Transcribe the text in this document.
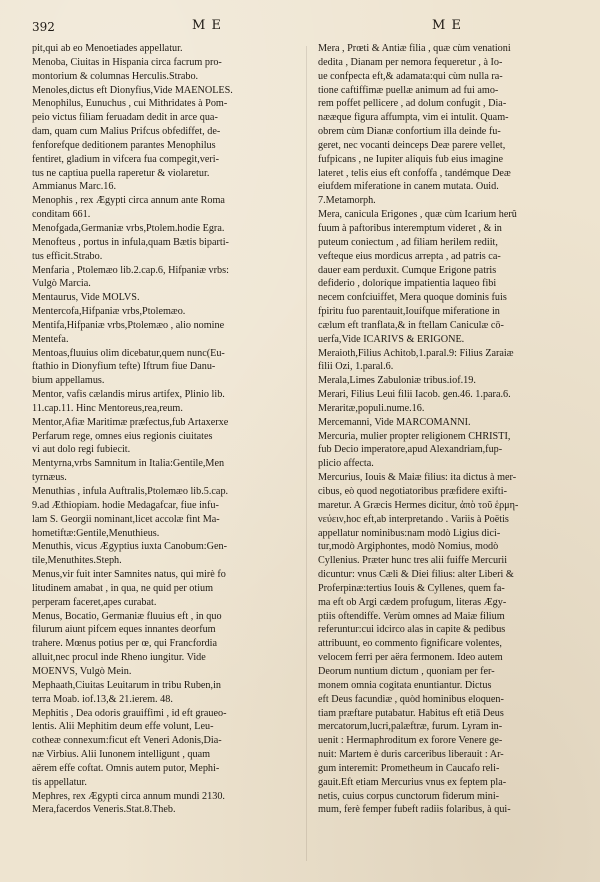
392	M E	M E
pit,qui ab eo Menoetiades appellatur.
Menoba, Ciuitas in Hispania circa facrum pro-
montorium & columnas Herculis.Strabo.
Menoles,dictus eft Dionyfius,Vide MAENOLES.
Menophilus, Eunuchus , cui Mithridates à Pom-
peio victus filiam feruadam dedit in arce qua-
dam, quam cum Malius Prifcus obfediffet, de-
fenforefque deditionem parantes Menophilus
fentiret, gladium in vifcera fua compegit,veri-
tus ne captiua puella raperetur & violaretur.
Ammianus Marc.16.
Menophis , rex Ægypti circa annum ante Roma
conditam 661.
Menofgada,Germaniæ vrbs,Ptolem.hodie Egra.
Menofteus , portus in infula,quam Bætis biparti-
tus efficit.Strabo.
Menfaria , Ptolemæo lib.2.cap.6, Hifpaniæ vrbs:
Vulgò Marcia.
Mentaurus, Vide MOLVS.
Mentercofa,Hifpaniæ vrbs,Ptolemæo.
Mentifa,Hifpaniæ vrbs,Ptolemæo , alio nomine
Mentefa.
Mentoas,fluuius olim dicebatur,quem nunc(Eu-
ftathio in Dionyfium tefte) Iftrum fiue Danu-
bium appellamus.
Mentor, vafis cælandis mirus artifex, Plinio lib.
11.cap.11. Hinc Mentoreus,rea,reum.
Mentor,Afiæ Maritimæ præfectus,fub Artaxerxe
Perfarum rege, omnes eius regionis ciuitates
vi aut dolo regi fubiecit.
Mentyrna,vrbs Samnitum in Italia:Gentile,Men
tyrnæus.
Menuthias , infula Auftralis,Ptolemæo lib.5.cap.
9.ad Æthiopiam. hodie Medagafcar, fiue infu-
lam S. Georgii nominant,licet accolæ fint Ma-
hometiftæ:Gentile,Menuthieus.
Menuthis, vicus Ægyptius iuxta Canobum:Gen-
tile,Menuthites.Steph.
Menus,vir fuit inter Samnites natus, qui mirè fo
litudinem amabat , in qua, ne quid per otium
perperam faceret,apes curabat.
Menus, Bocatio, Germaniæ fluuius eft , in quo
filurum aiunt pifcem eques innantes deorfum
trahere. Mœnus potius per œ, qui Francfordia
alluit,nec procul inde Rheno iungitur. Vide
MOENVS, Vulgò Mein.
Mephaath,Ciuitas Leuitarum in tribu Ruben,in
terra Moab. iof.13,& 21.ierem. 48.
Mephitis , Dea odoris grauiffimi , id eft graueo-
lentis. Alii Mephitim deum effe volunt, Leu-
cotheæ connexum:ficut eft Veneri Adonis,Dia-
næ Virbius. Alii Iunonem intelligunt , quam
aërem effe coftat. Omnis autem putor, Mephi-
tis appellatur.
Mephres, rex Ægypti circa annum mundi 2130.
Mera,facerdos Veneris.Stat.8.Theb.
Mera , Prœti & Antiæ filia , quæ cùm venationi
dedita , Dianam per nemora fequeretur , à Io-
ue confpecta eft,& adamata:qui cùm nulla ra-
tione caftiffimæ puellæ animum ad fui amo-
rem poffet pellicere , ad dolum confugit , Dia-
nææque figura affumpta, vim ei intulit. Quam-
obrem cùm Dianæ confortium illa deinde fu-
geret, nec vocanti deinceps Deæ parere vellet,
fufpicans , ne Iupiter aliquis fub eius imagine
lateret , telis eius eft confoffa , tandémque Deæ
eiufdem miferatione in canem mutata. Ouid.
7.Metamorph.
Mera, canicula Erigones , quæ cùm Icarium herû
fuum à paftoribus interemptum videret , & in
puteum coniectum , ad filiam herilem rediit,
vefteque eius mordicus arrepta , ad patris ca-
dauer eam perduxit. Cumque Erigone patris
defiderio , doloríque impatientia laqueo fibi
necem confciuiffet, Mera quoque dominis fuis
fpiritu fuo parentauit,Iouífque miferatione in
cælum eft tranflata,& in ftellam Caniculæ cō-
uerfa,Vide ICARIVS & ERIGONE.
Meraioth,Filius Achitob,1.paral.9: Filius Zaraiæ
filii Ozi, 1.paral.6.
Merala,Limes Zabuloniæ tribus.iof.19.
Merari, Filius Leui filii Iacob. gen.46. 1.para.6.
Meraritæ,populi.nume.16.
Mercemanni, Vide MARCOMANNI.
Mercuria, mulier propter religionem CHRISTI,
fub Decio imperatore,apud Alexandriam,fup-
plicio affecta.
Mercurius, Iouis & Maiæ filius: ita dictus à mer-
cibus, eò quod negotiatoribus præfidere exifti-
maretur. A Græcis Hermes dicitur, ἀπὸ τοῦ ἑρμη-
νεύειν,hoc eft,ab interpretando . Variis à Poëtis
appellatur nominibus:nam modò Ligius dici-
tur,modò Argiphontes, modò Nomius, modò
Cyllenius. Præter hunc tres alii fuiffe Mercurii
dicuntur: vnus Cæli & Diei filius: alter Liberi &
Proferpinæ:tertius Iouis & Cyllenes, quem fa-
ma eft ob Argi cædem profugum, literas Ægy-
ptiis oftendiffe. Verùm omnes ad Maiæ filium
referuntur:cui idcirco alas in capite & pedibus
attribuunt, eo commento fignificare volentes,
velocem ferri per aëra fermonem. Ideo autem
Deorum nuntium dictum , quoniam per fer-
monem omnia cogitata enuntiantur. Dictus
eft Deus facundiæ , quòd hominibus eloquen-
tiam præftare putabatur. Habitus eft etiā Deus
mercatorum,lucri,palæftræ, furum. Lyram in-
uenit : Hermaphroditum ex forore Venere ge-
nuit: Martem è duris carceribus liberauit : Ar-
gum interemit: Prometheum in Caucafo reli-
gauit.Eft etiam Mercurius vnus ex feptem pla-
netis, cuius corpus cunctorum fiderum mini-
mum, ferè femper fubeft radiis folaribus, à qui-
